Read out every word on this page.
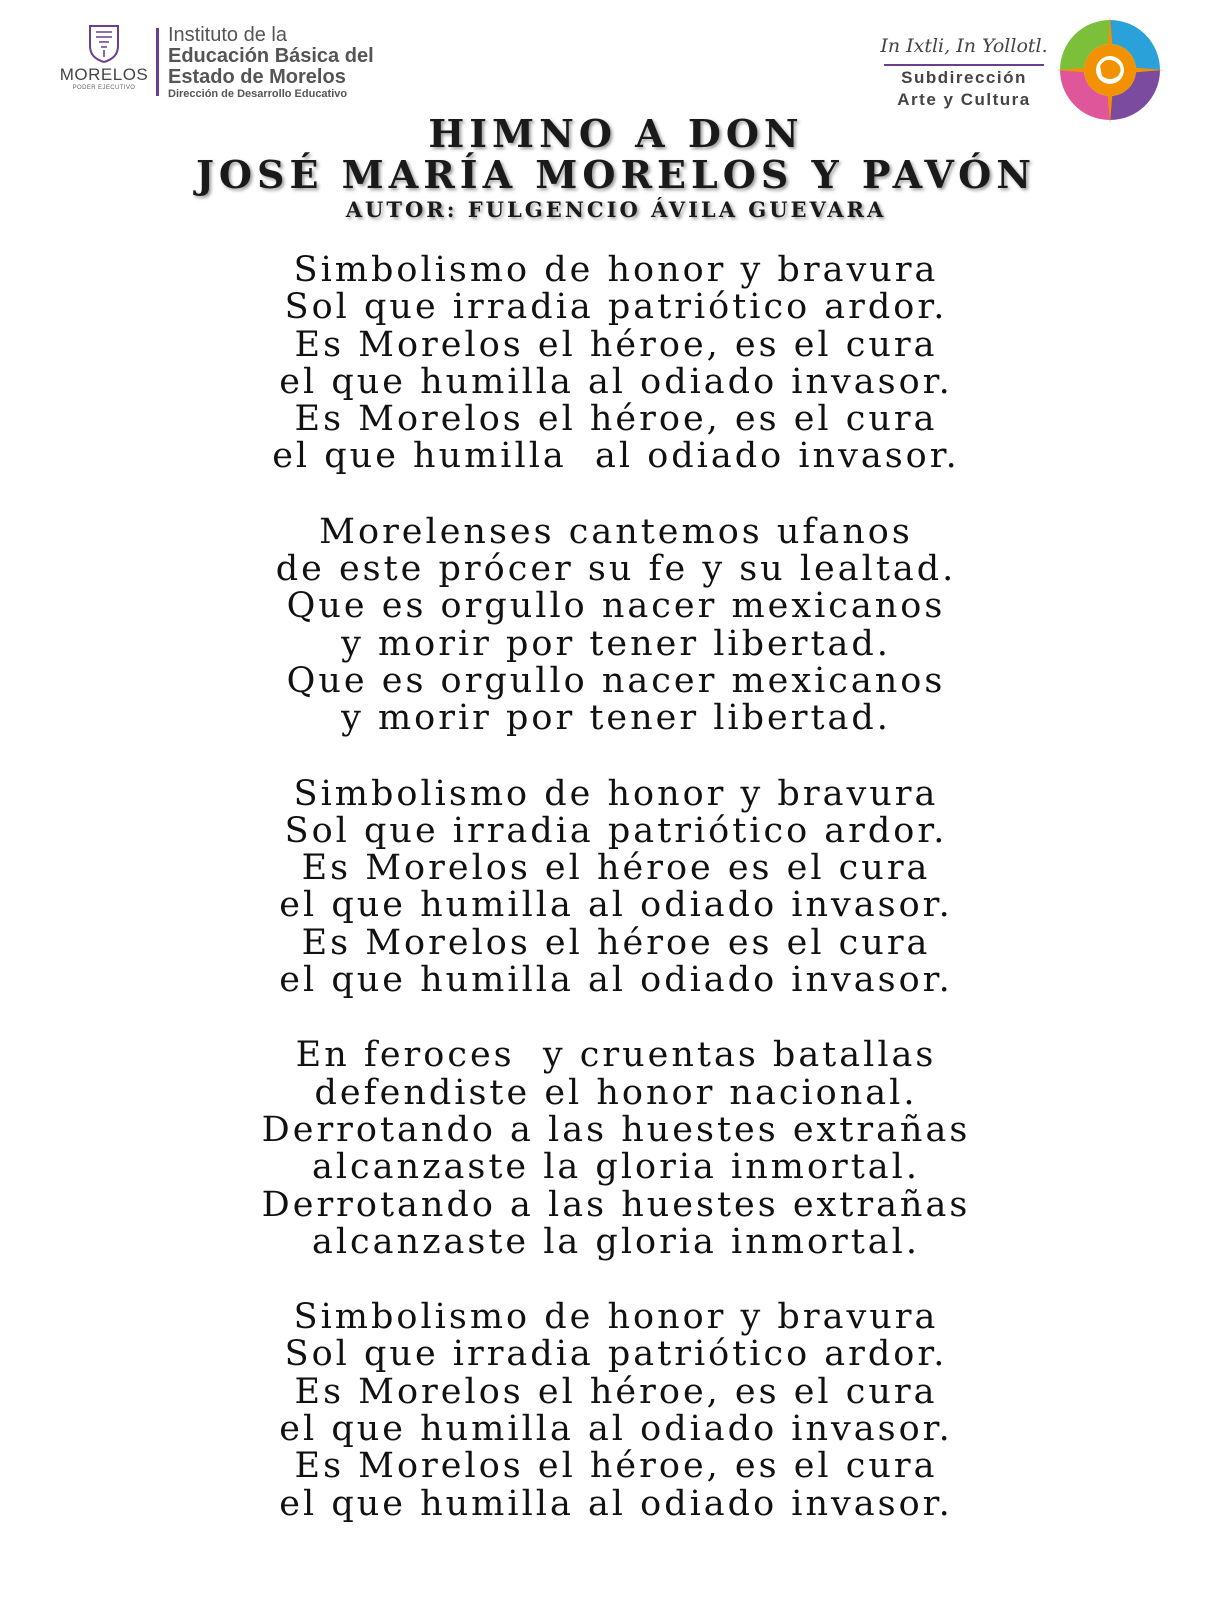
MORELOS
PODER EJECUTIVO
Instituto de la
Educación Básica del
Estado de Morelos
Dirección de Desarrollo Educativo
In Ixtli, In Yollotl.
Subdirección
Arte y Cultura
HIMNO A DON
JOSÉ MARÍA MORELOS Y PAVÓN
AUTOR: FULGENCIO ÁVILA GUEVARA
Simbolismo de honor y bravura
Sol que irradia patriótico ardor.
Es Morelos el héroe, es el cura
el que humilla al odiado invasor.
Es Morelos el héroe, es el cura
el que humilla  al odiado invasor.
Morelenses cantemos ufanos
de este prócer su fe y su lealtad.
Que es orgullo nacer mexicanos
y morir por tener libertad.
Que es orgullo nacer mexicanos
y morir por tener libertad.
Simbolismo de honor y bravura
Sol que irradia patriótico ardor.
Es Morelos el héroe es el cura
el que humilla al odiado invasor.
Es Morelos el héroe es el cura
el que humilla al odiado invasor.
En feroces  y cruentas batallas
defendiste el honor nacional.
Derrotando a las huestes extrañas
alcanzaste la gloria inmortal.
Derrotando a las huestes extrañas
alcanzaste la gloria inmortal.
Simbolismo de honor y bravura
Sol que irradia patriótico ardor.
Es Morelos el héroe, es el cura
el que humilla al odiado invasor.
Es Morelos el héroe, es el cura
el que humilla al odiado invasor.
